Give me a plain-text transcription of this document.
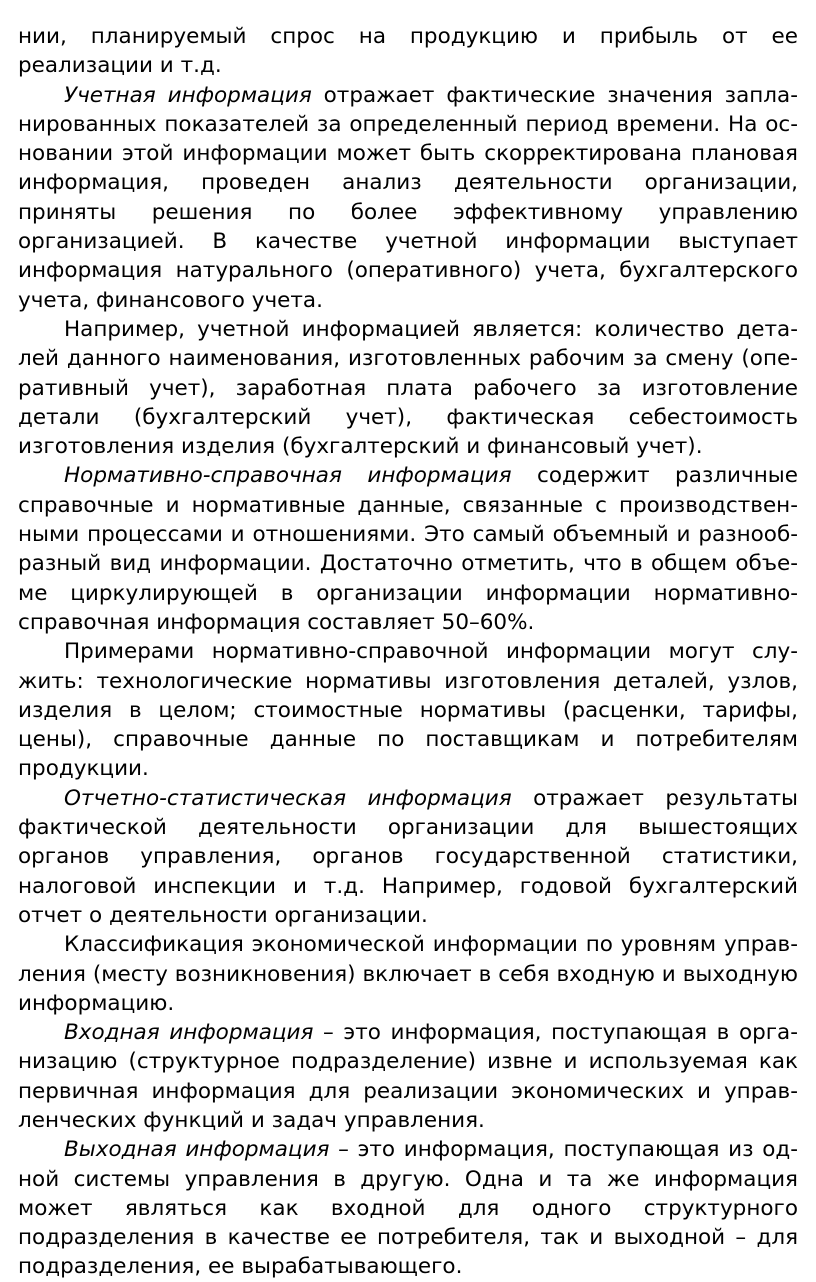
нии, планируемый спрос на продукцию и прибыль от ее реализации и т.д.

Учетная информация отражает фактические значения запланированных показателей за определенный период времени. На основании этой информации может быть скорректирована плановая информация, проведен анализ деятельности организации, приняты решения по более эффективному управлению организацией. В качестве учетной информации выступает информация натурального (оперативного) учета, бухгалтерского учета, финансового учета.

Например, учетной информацией является: количество дета- лей данного наименования, изготовленных рабочим за смену (оперативный учет), заработная плата рабочего за изготовление детали (бухгалтерский учет), фактическая себестоимость изготовления изделия (бухгалтерский и финансовый учет).

Нормативно-справочная информация содержит различные справочные и нормативные данные, связанные с производственными процессами и отношениями. Это самый объемный и разнообразный вид информации. Достаточно отметить, что в общем объе- ме циркулирующей в организации информации нормативно- справочная информация составляет 50–60%.

Примерами нормативно-справочной информации могут служить: технологические нормативы изготовления деталей, узлов, изделия в целом; стоимостные нормативы (расценки, тарифы, цены), справочные данные по поставщикам и потребителям продукции.

Отчетно-статистическая информация отражает результаты фактической деятельности организации для вышестоящих органов управления, органов государственной статистики, налоговой инспекции и т.д. Например, годовой бухгалтерский отчет о деятельности организации.

Классификация экономической информации по уровням управления (месту возникновения) включает в себя входную и выходную информацию.

Входная информация – это информация, поступающая в организацию (структурное подразделение) извне и используемая как первичная информация для реализации экономических и управленческих функций и задач управления.

Выходная информация – это информация, поступающая из одной системы управления в другую. Одна и та же информация может являться как входной для одного структурного подразделения в качестве ее потребителя, так и выходной – для подразделения, ее вырабатывающего.
